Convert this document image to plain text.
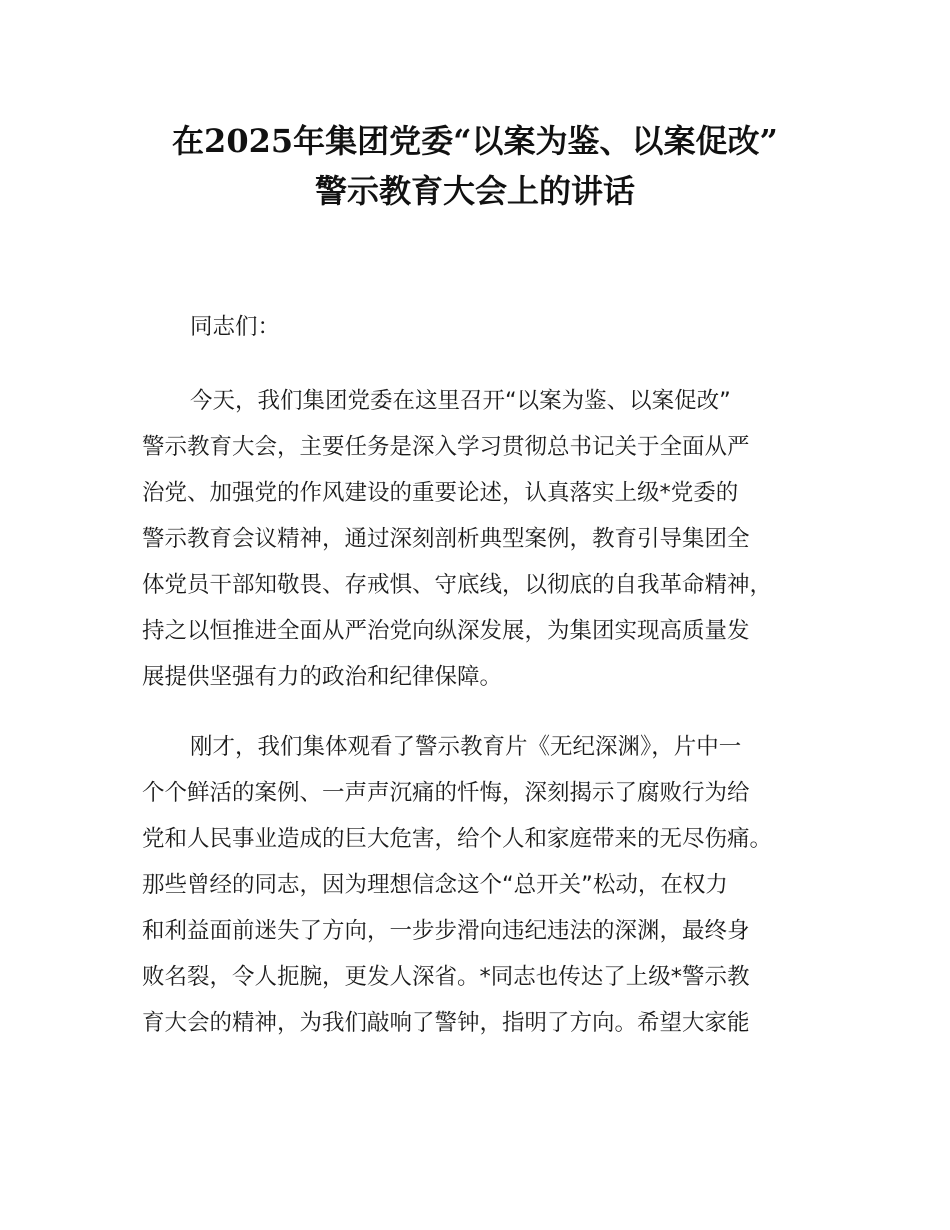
在2025年集团党委“以案为鉴、以案促改”
警示教育大会上的讲话
同志们：
今天，我们集团党委在这里召开“以案为鉴、以案促改”
警示教育大会，主要任务是深入学习贯彻总书记关于全面从严
治党、加强党的作风建设的重要论述，认真落实上级*党委的
警示教育会议精神，通过深刻剖析典型案例，教育引导集团全
体党员干部知敬畏、存戒惧、守底线，以彻底的自我革命精神，
持之以恒推进全面从严治党向纵深发展，为集团实现高质量发
展提供坚强有力的政治和纪律保障。
刚才，我们集体观看了警示教育片《无纪深渊》，片中一
个个鲜活的案例、一声声沉痛的忏悔，深刻揭示了腐败行为给
党和人民事业造成的巨大危害，给个人和家庭带来的无尽伤痛。
那些曾经的同志，因为理想信念这个“总开关”松动，在权力
和利益面前迷失了方向，一步步滑向违纪违法的深渊，最终身
败名裂，令人扼腕，更发人深省。*同志也传达了上级*警示教
育大会的精神，为我们敲响了警钟，指明了方向。希望大家能
